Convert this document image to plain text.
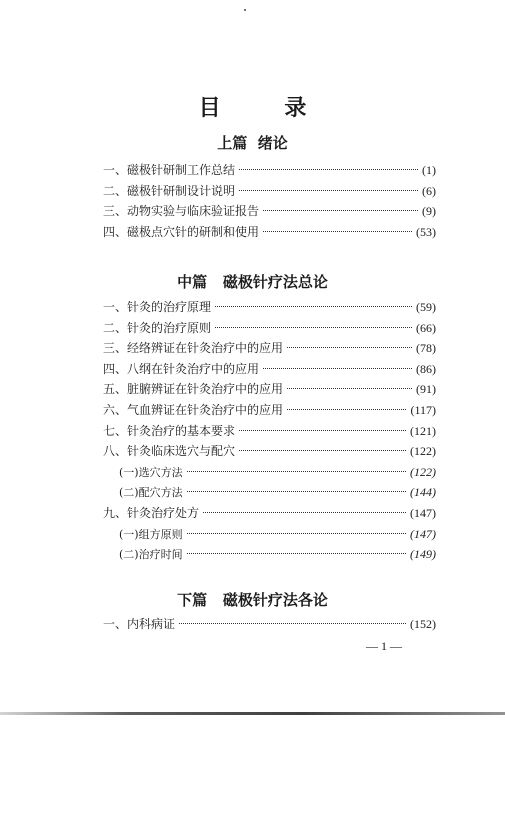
目 录
上篇  绪论
一、 磁极针研制工作总结	(1)
二、 磁极针研制设计说明	(6)
三、 动物实验与临床验证报告	(9)
四、 磁极点穴针的研制和使用	(53)
中篇   磁极针疗法总论
一、 针灸的治疗原理	(59)
二、 针灸的治疗原则	(66)
三、 经络辨证在针灸治疗中的应用	(78)
四、 八纲在针灸治疗中的应用	(86)
五、 脏腑辨证在针灸治疗中的应用	(91)
六、 气血辨证在针灸治疗中的应用	(117)
七、 针灸治疗的基本要求	(121)
八、 针灸临床选穴与配穴	(122)
(一) 选穴方法	(122)
(二) 配穴方法	(144)
九、 针灸治疗处方	(147)
(一) 组方原则	(147)
(二) 治疗时间	(149)
下篇   磁极针疗法各论
一、 内科病证	(152)
— 1 —
